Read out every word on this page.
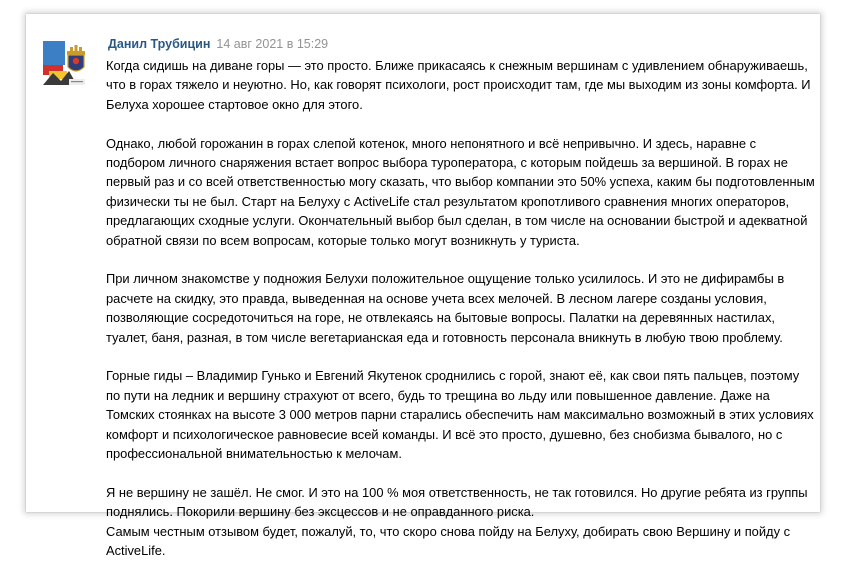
Данил Трубицин 14 авг 2021 в 15:29

Когда сидишь на диване горы — это просто. Ближе прикасаясь к снежным вершинам с удивлением обнаруживаешь, что в горах тяжело и неуютно. Но, как говорят психологи, рост происходит там, где мы выходим из зоны комфорта. И Белуха хорошее стартовое окно для этого.

Однако, любой горожанин в горах слепой котенок, много непонятного и всё непривычно. И здесь, наравне с подбором личного снаряжения встает вопрос выбора туроператора, с которым пойдешь за вершиной. В горах не первый раз и со всей ответственностью могу сказать, что выбор компании это 50% успеха, каким бы подготовленным физически ты не был. Старт на Белуху с ActiveLife стал результатом кропотливого сравнения многих операторов, предлагающих сходные услуги. Окончательный выбор был сделан, в том числе на основании быстрой и адекватной обратной связи по всем вопросам, которые только могут возникнуть у туриста.

При личном знакомстве у подножия Белухи положительное ощущение только усилилось. И это не дифирамбы в расчете на скидку, это правда, выведенная на основе учета всех мелочей. В лесном лагере созданы условия, позволяющие сосредоточиться на горе, не отвлекаясь на бытовые вопросы. Палатки на деревянных настилах, туалет, баня, разная, в том числе вегетарианская еда и готовность персонала вникнуть в любую твою проблему.

Горные гиды – Владимир Гунько и Евгений Якутенок сроднились с горой, знают её, как свои пять пальцев, поэтому по пути на ледник и вершину страхуют от всего, будь то трещина во льду или повышенное давление. Даже на Томских стоянках на высоте 3 000 метров парни старались обеспечить нам максимально возможный в этих условиях комфорт и психологическое равновесие всей команды. И всё это просто, душевно, без снобизма бывалого, но с профессиональной внимательностью к мелочам.

Я не вершину не зашёл. Не смог. И это на 100 % моя ответственность, не так готовился. Но другие ребята из группы поднялись. Покорили вершину без эксцессов и не оправданного риска.

Самым честным отзывом будет, пожалуй, то, что скоро снова пойду на Белуху, добирать свою Вершину и пойду с ActiveLife.
